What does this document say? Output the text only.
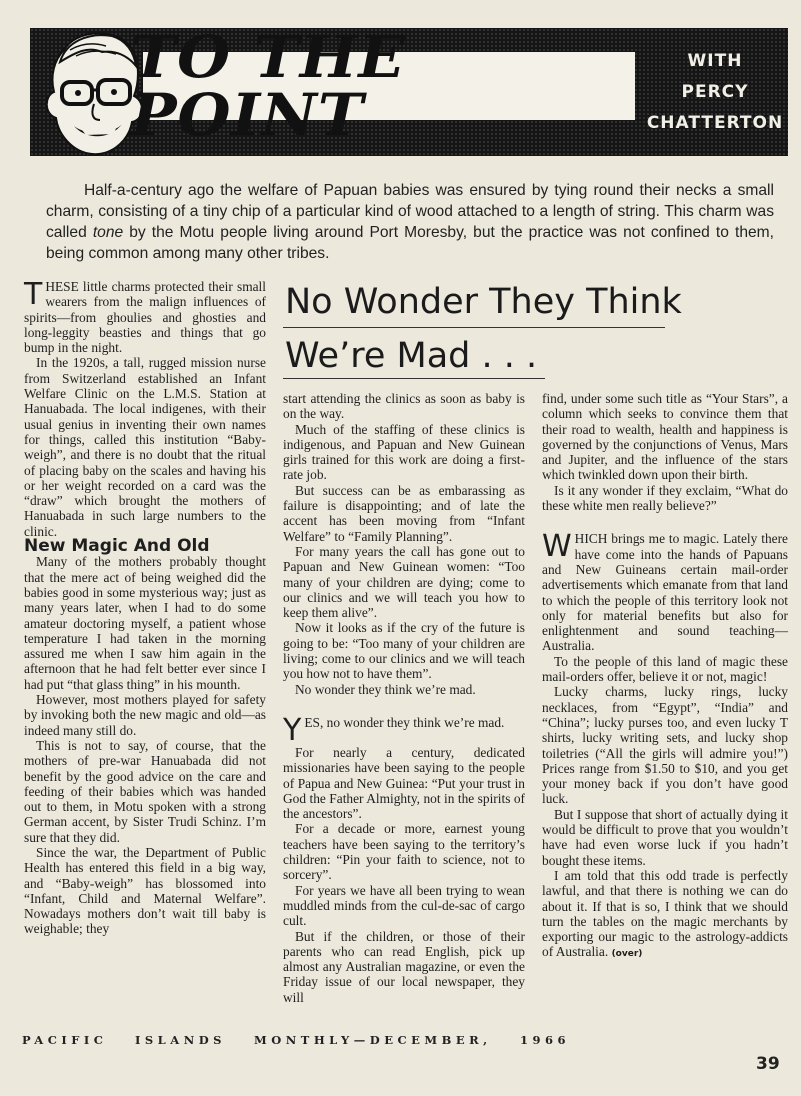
TO THE POINT
WITH
PERCY
CHATTERTON
Half-a-century ago the welfare of Papuan babies was ensured by tying round their necks a small charm, consisting of a tiny chip of a particular kind of wood attached to a length of string. This charm was called tone by the Motu people living around Port Moresby, but the practice was not confined to them, being common among many other tribes.

THESE little charms protected their small wearers from the malign influences of spirits—from ghoulies and ghosties and long-leggity beasties and things that go bump in the night.

In the 1920s, a tall, rugged mission nurse from Switzerland established an Infant Welfare Clinic on the L.M.S. Station at Hanuabada. The local indigenes, with their usual genius in inventing their own names for things, called this institution “Baby-weigh”, and there is no doubt that the ritual of placing baby on the scales and having his or her weight recorded on a card was the “draw” which brought the mothers of Hanuabada in such large numbers to the clinic.

New Magic And Old

Many of the mothers probably thought that the mere act of being weighed did the babies good in some mysterious way; just as many years later, when I had to do some amateur doctoring myself, a patient whose temperature I had taken in the morning assured me when I saw him again in the afternoon that he had felt better ever since I had put “that glass thing” in his mounth.

However, most mothers played for safety by invoking both the new magic and old—as indeed many still do.

This is not to say, of course, that the mothers of pre-war Hanuabada did not benefit by the good advice on the care and feeding of their babies which was handed out to them, in Motu spoken with a strong German accent, by Sister Trudi Schinz. I’m sure that they did.

Since the war, the Department of Public Health has entered this field in a big way, and “Baby-weigh” has blossomed into “Infant, Child and Maternal Welfare”. Nowadays mothers don’t wait till baby is weighable; they

No Wonder They Think
We’re Mad . . .

start attending the clinics as soon as baby is on the way.

Much of the staffing of these clinics is indigenous, and Papuan and New Guinean girls trained for this work are doing a first-rate job.

But success can be as embarassing as failure is disappointing; and of late the accent has been moving from “Infant Welfare” to “Family Planning”.

For many years the call has gone out to Papuan and New Guinean women: “Too many of your children are dying; come to our clinics and we will teach you how to keep them alive”.

Now it looks as if the cry of the future is going to be: “Too many of your children are living; come to our clinics and we will teach you how not to have them”.

No wonder they think we’re mad.

YES, no wonder they think we’re mad.

For nearly a century, dedicated missionaries have been saying to the people of Papua and New Guinea: “Put your trust in God the Father Almighty, not in the spirits of the ancestors”.

For a decade or more, earnest young teachers have been saying to the territory’s children: “Pin your faith to science, not to sorcery”.

For years we have all been trying to wean muddled minds from the cul-de-sac of cargo cult.

But if the children, or those of their parents who can read English, pick up almost any Australian magazine, or even the Friday issue of our local newspaper, they will

find, under some such title as “Your Stars”, a column which seeks to convince them that their road to wealth, health and happiness is governed by the conjunctions of Venus, Mars and Jupiter, and the influence of the stars which twinkled down upon their birth.

Is it any wonder if they exclaim, “What do these white men really believe?”

WHICH brings me to magic. Lately there have come into the hands of Papuans and New Guineans certain mail-order advertisements which emanate from that land to which the people of this territory look not only for material benefits but also for enlightenment and sound teaching—Australia.

To the people of this land of magic these mail-orders offer, believe it or not, magic!

Lucky charms, lucky rings, lucky necklaces, from “Egypt”, “India” and “China”; lucky purses too, and even lucky T shirts, lucky writing sets, and lucky shop toiletries (“All the girls will admire you!”) Prices range from $1.50 to $10, and you get your money back if you don’t have good luck.

But I suppose that short of actually dying it would be difficult to prove that you wouldn’t have had even worse luck if you hadn’t bought these items.

I am told that this odd trade is perfectly lawful, and that there is nothing we can do about it. If that is so, I think that we should turn the tables on the magic merchants by exporting our magic to the astrology-addicts of Australia. (over)

PACIFIC ISLANDS MONTHLY—DECEMBER, 1966
39
